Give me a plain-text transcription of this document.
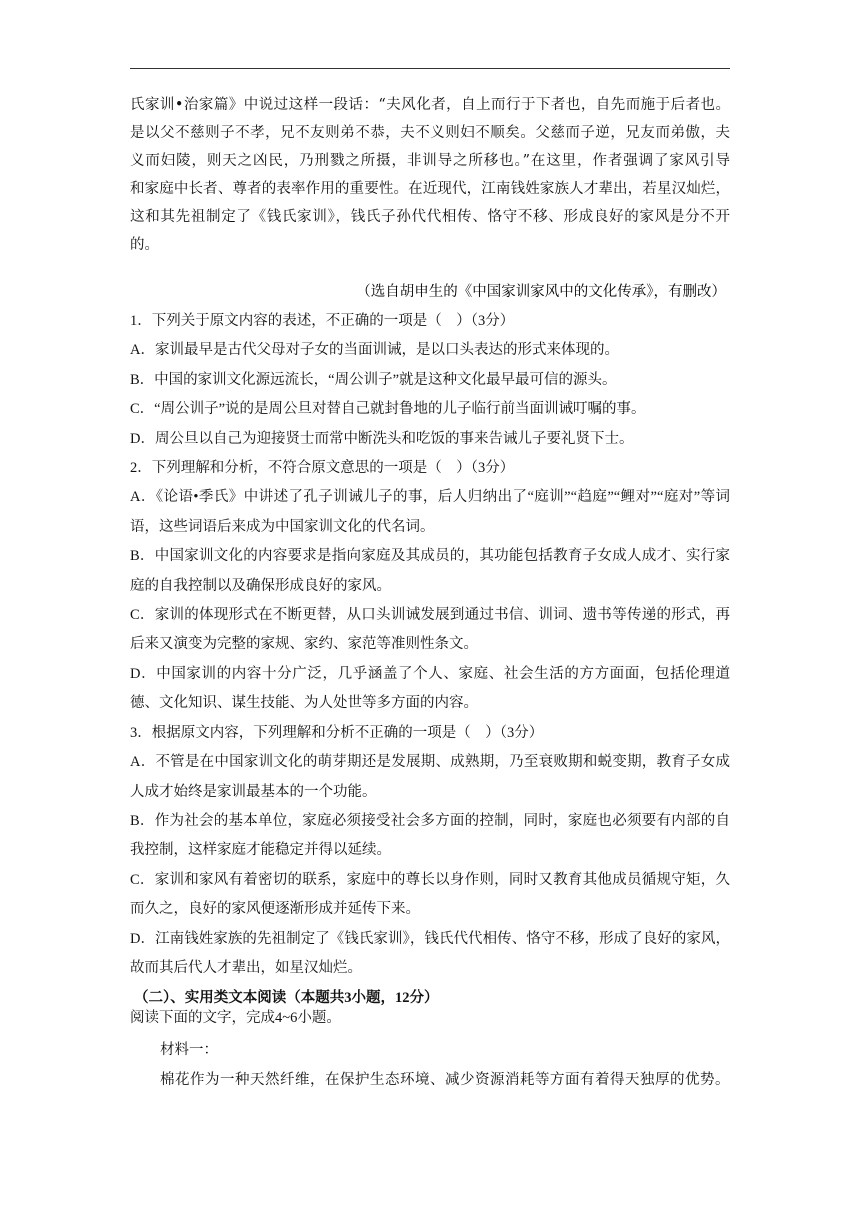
氏家训•治家篇》中说过这样一段话：“夫风化者，自上而行于下者也，自先而施于后者也。

是以父不慈则子不孝，兄不友则弟不恭，夫不义则妇不顺矣。父慈而子逆，兄友而弟傲，夫

义而妇陵，则天之凶民，乃刑戮之所摄，非训导之所移也。”在这里，作者强调了家风引导

和家庭中长者、尊者的表率作用的重要性。在近现代，江南钱姓家族人才辈出，若星汉灿烂，

这和其先祖制定了《钱氏家训》，钱氏子孙代代相传、恪守不移、形成良好的家风是分不开

的。

（选自胡申生的《中国家训家风中的文化传承》，有删改）

1．下列关于原文内容的表述，不正确的一项是（　）（3分）

A．家训最早是古代父母对子女的当面训诫，是以口头表达的形式来体现的。

B．中国的家训文化源远流长，“周公训子”就是这种文化最早最可信的源头。

C．“周公训子”说的是周公旦对替自己就封鲁地的儿子临行前当面训诫叮嘱的事。

D．周公旦以自己为迎接贤士而常中断洗头和吃饭的事来告诫儿子要礼贤下士。

2．下列理解和分析，不符合原文意思的一项是（　）（3分）

A．《论语•季氏》中讲述了孔子训诫儿子的事，后人归纳出了“庭训”“趋庭”“鲤对”“庭对”等词语，这些词语后来成为中国家训文化的代名词。

B．中国家训文化的内容要求是指向家庭及其成员的，其功能包括教育子女成人成才、实行家庭的自我控制以及确保形成良好的家风。

C．家训的体现形式在不断更替，从口头训诫发展到通过书信、训词、遗书等传递的形式，再后来又演变为完整的家规、家约、家范等准则性条文。

D．中国家训的内容十分广泛，几乎涵盖了个人、家庭、社会生活的方方面面，包括伦理道德、文化知识、谋生技能、为人处世等多方面的内容。

3．根据原文内容，下列理解和分析不正确的一项是（　）（3分）

A．不管是在中国家训文化的萌芽期还是发展期、成熟期，乃至衰败期和蜕变期，教育子女成人成才始终是家训最基本的一个功能。

B．作为社会的基本单位，家庭必须接受社会多方面的控制，同时，家庭也必须要有内部的自我控制，这样家庭才能稳定并得以延续。

C．家训和家风有着密切的联系，家庭中的尊长以身作则，同时又教育其他成员循规守矩，久而久之，良好的家风便逐渐形成并延传下来。

D．江南钱姓家族的先祖制定了《钱氏家训》，钱氏代代相传、恪守不移，形成了良好的家风，故而其后代人才辈出，如星汉灿烂。

（二）、实用类文本阅读（本题共3小题，12分）
阅读下面的文字，完成4~6小题。
材料一：
棉花作为一种天然纤维，在保护生态环境、减少资源消耗等方面有着得天独厚的优势。
